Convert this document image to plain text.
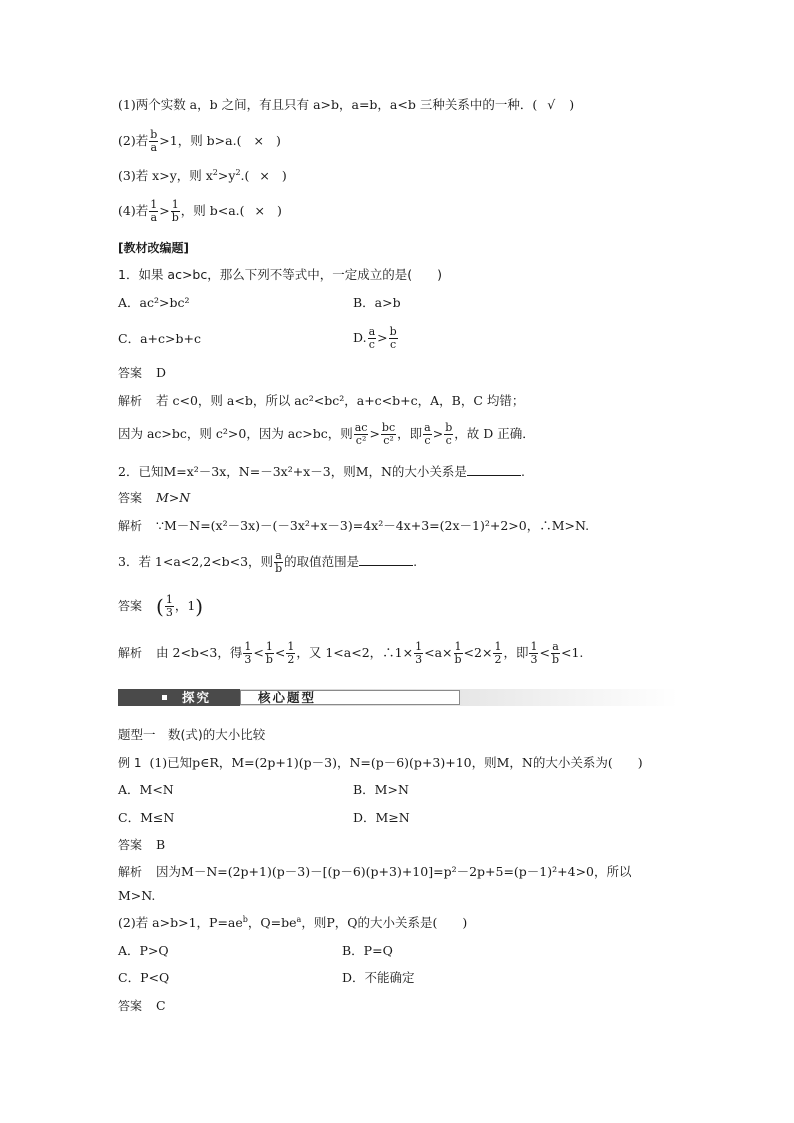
(1)两个实数 a，b 之间，有且只有 a>b，a=b，a<b 三种关系中的一种．( √ )
(2)若 $\frac{b}{a} >1$，则 b>a.( × )
(3)若 x>y，则 $x^2>y^2$.( × )
(4)若 $\frac{1}{a} > \frac{1}{b}$ ，则 b<a.( × )
[教材改编题]
1．如果 ac>bc，那么下列不等式中，一定成立的是(　　)
A．ac²>bc²	B．a>b
C．a+c>b+c	D. $\frac{a}{c} > \frac{b}{c}$
答案 D
解析 若 c<0，则 a<b，所以 ac²<bc²，a+c<b+c，A，B，C 均错；
因为 ac>bc，则 c²>0，因为 ac>bc，则 $\frac{ac}{\text{c²}} > \frac{bc}{\text{c²}}$ ，即 $\frac{a}{c} > \frac{b}{c}$ ，故 D 正确．
2．已知M=x²－3x，N=－3x²+x－3，则M，N的大小关系是	.
答案 M>N
解析 ∵M－N=(x²－3x)－(－3x²+x－3)=4x²－4x+3=(2x－1)²+2>0，∴M>N.
3．若 1<a<2,2<b<3，则 $\frac{a}{b}$ 的取值范围是	.
答案 ( $\frac{1}{3}$ ，1)
解析 由 2<b<3，得 $\frac{1}{3} < \frac{1}{b} < \frac{1}{2}$ ，又 1<a<2，∴1× $\frac{1}{3} <a\times \frac{1}{b} <2\times \frac{1}{2}$ ，即 $\frac{1}{3} < \frac{a}{b} <1$.
探究	核心题型
题型一　数(式)的大小比较
例 1 (1)已知p∈R，M=(2p+1)(p－3)，N=(p－6)(p+3)+10，则M，N的大小关系为(　　)
A．M<N	B．M>N
C．M≤N	D．M≥N
答案 B
解析 因为M－N=(2p+1)(p－3)－[(p－6)(p+3)+10]=p²－2p+5=(p－1)²+4>0，所以
M>N.
(2)若 a>b>1，$P=ae^b$，$Q=be^a$，则P，Q的大小关系是(　　)
A．P>Q	B．P=Q
C．P<Q	D．不能确定
答案 C
